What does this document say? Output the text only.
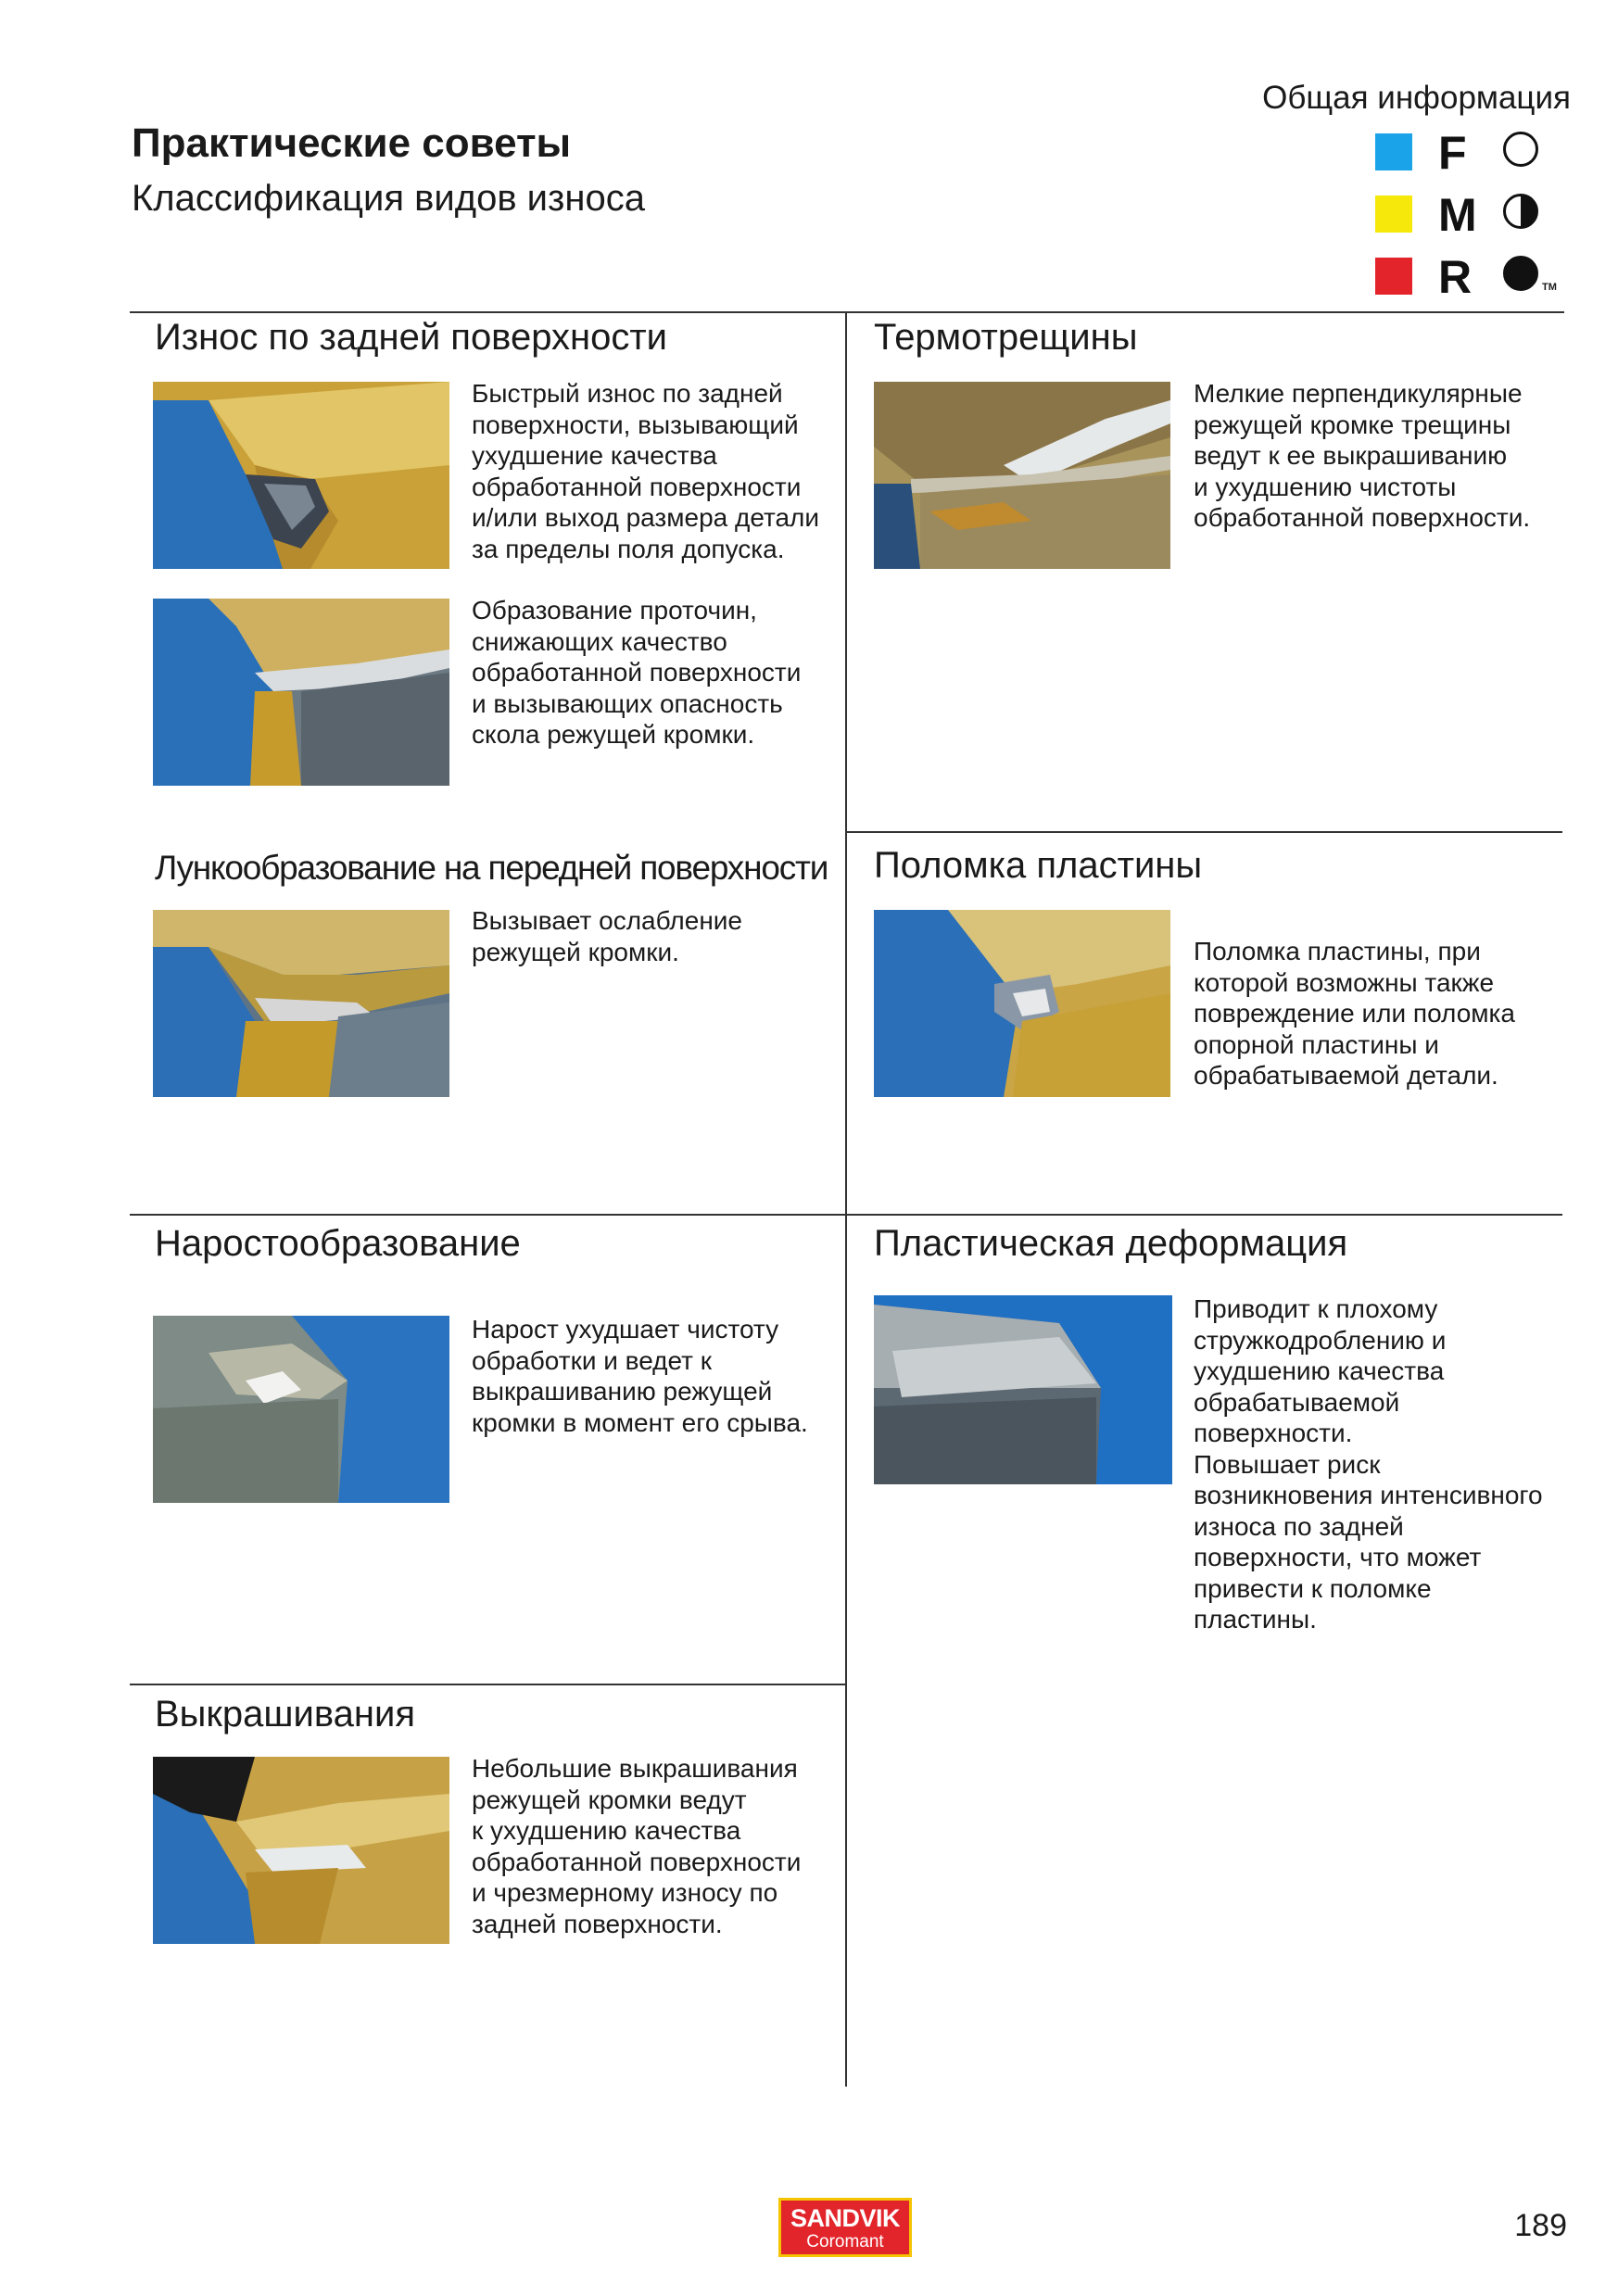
Практические советы
Классификация видов износа
Общая информация
F
M
R	TM
Износ по задней поверхности
Быстрый износ по задней
поверхности, вызывающий
ухудшение качества
обработанной поверхности
и/или выход размера детали
за пределы поля допуска.
Образование проточин,
снижающих качество
обработанной поверхности
и вызывающих опасность
скола режущей кромки.
Термотрещины
Мелкие перпендикулярные
режущей кромке трещины
ведут к ее выкрашиванию
и ухудшению чистоты
обработанной поверхности.
Лункообразование на передней поверхности
Вызывает ослабление
режущей кромки.
Поломка пластины
Поломка пластины, при
которой возможны также
повреждение или поломка
опорной пластины и
обрабатываемой детали.
Наростообразование
Нарост ухудшает чистоту
обработки и ведет к
выкрашиванию режущей
кромки в момент его срыва.
Пластическая деформация
Приводит к плохому
стружкодроблению и
ухудшению качества
обрабатываемой
поверхности.
Повышает риск
возникновения интенсивного
износа по задней
поверхности, что может
привести к поломке
пластины.
Выкрашивания
Небольшие выкрашивания
режущей кромки ведут
к ухудшению качества
обработанной поверхности
и чрезмерному износу по
задней поверхности.
SANDVIK
Coromant	189
